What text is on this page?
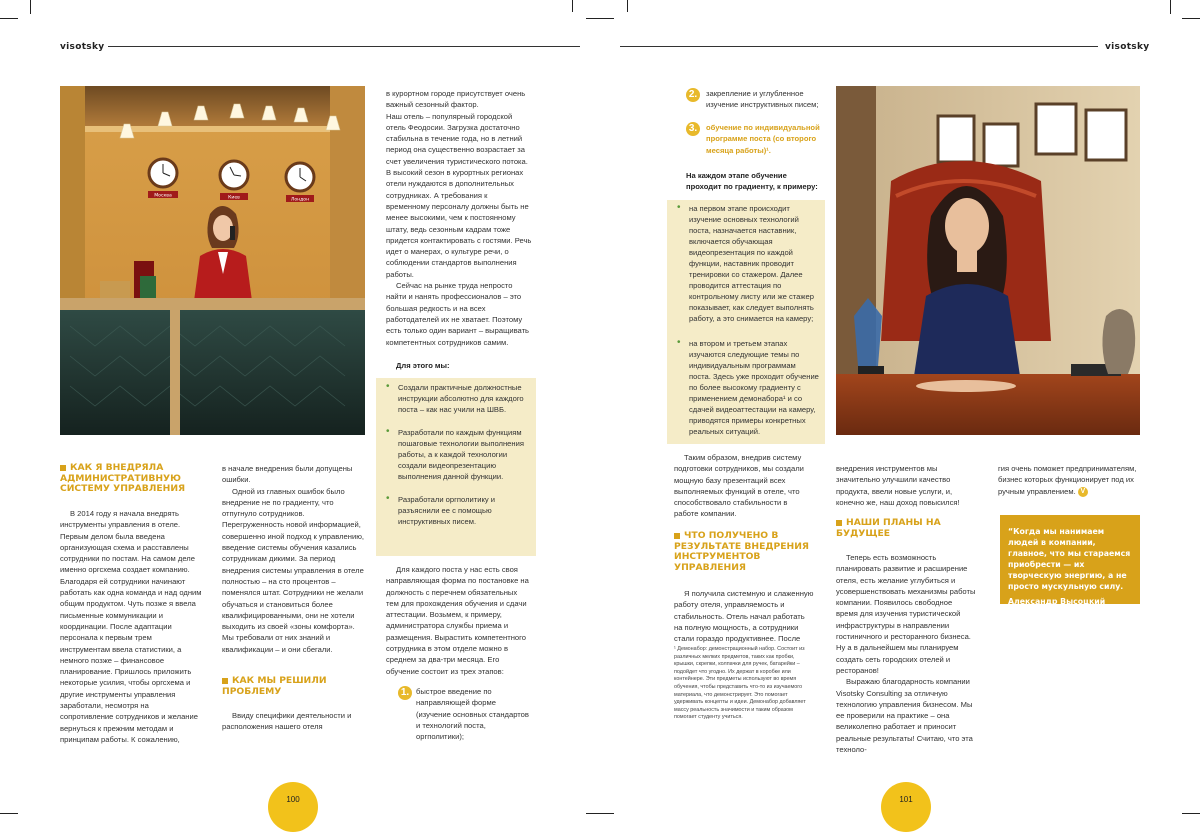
visotsky	visotsky
Москва	Киев	Лондон
КАК Я ВНЕДРЯЛА АДМИНИСТРАТИВНУЮ СИСТЕМУ УПРАВЛЕНИЯ

В 2014 году я начала внедрять инструменты управления в отеле. Первым делом была введена организующая схема и расставлены сотрудники по постам. На самом деле именно оргсхема создает компанию. Благодаря ей сотрудники начинают работать как одна команда и над одним общим продуктом. Чуть позже я ввела письменные коммуникации и координации. После адаптации персонала к первым трем инструментам ввела статистики, а немного позже – финансовое планирование. Пришлось приложить некоторые усилия, чтобы оргсхема и другие инструменты управления заработали, несмотря на сопротивление сотрудников и желание вернуться к прежним методам и принципам работы. К сожалению,

в начале внедрения были допущены ошибки.

Одной из главных ошибок было внедрение не по градиенту, что отпугнуло сотрудников. Перегруженность новой информацией, совершенно иной подход к управлению, введение системы обучения казались сотрудникам дикими. За период внедрения системы управления в отеле полностью – на сто процентов – поменялся штат. Сотрудники не желали обучаться и становиться более квалифицированными, они не хотели выходить из своей «зоны комфорта». Мы требовали от них знаний и квалификации – и они сбегали.

КАК МЫ РЕШИЛИ ПРОБЛЕМУ

Ввиду специфики деятельности и расположения нашего отеля

в курортном городе присутствует очень важный сезонный фактор.

Наш отель – популярный городской отель Феодосии. Загрузка достаточно стабильна в течение года, но в летний период она существенно возрастает за счет увеличения туристического потока. В высокий сезон в курортных регионах отели нуждаются в дополнительных сотрудниках. А требования к временному персоналу должны быть не менее высокими, чем к постоянному штату, ведь сезонным кадрам тоже придется контактировать с гостями. Речь идет о манерах, о культуре речи, о соблюдении стандартов выполнения работы.

Сейчас на рынке труда непросто найти и нанять профессионалов – это большая редкость и на всех работодателей их не хватает. Поэтому есть только один вариант – выращивать компетентных сотрудников самим.

Для этого мы:
• Создали практичные должностные инструкции абсолютно для каждого поста – как нас учили на ШВБ.
• Разработали по каждым функциям пошаговые технологии выполнения работы, а к каждой технологии создали видеопрезентацию выполнения данной функции.
• Разработали оргполитику и разъяснили ее с помощью инструктивных писем.

Для каждого поста у нас есть своя направляющая форма по постановке на должность с перечнем обязательных тем для прохождения обучения и сдачи аттестации. Возьмем, к примеру, администратора службы приема и размещения. Вырастить компетентного сотрудника в этом отделе можно в среднем за два-три месяца. Его обучение состоит из трех этапов:

1. быстрое введение по направляющей форме (изучение основных стандартов и технологий поста, оргполитики);
2.	закрепление и углубленное изучение инструктивных писем;
3.	обучение по индивидуальной программе поста (со второго месяца работы)¹.
На каждом этапе обучение проходит по градиенту, к примеру:
• на первом этапе происходит изучение основных технологий поста, назначается наставник, включается обучающая видеопрезентация по каждой функции, наставник проводит тренировки со стажером. Далее проводится аттестация по контрольному листу или же стажер показывает, как следует выполнять работу, а это снимается на камеру;
• на втором и третьем этапах изучаются следующие темы по индивидуальным программам поста. Здесь уже проходит обучение по более высокому градиенту с применением демонабора¹ и со сдачей видеоаттестации на камеру, приводятся примеры конкретных реальных ситуаций.

Таким образом, внедрив систему подготовки сотрудников, мы создали мощную базу презентаций всех выполняемых функций в отеле, что способствовало стабильности в работе компании.

ЧТО ПОЛУЧЕНО В РЕЗУЛЬТАТЕ ВНЕДРЕНИЯ ИНСТРУМЕНТОВ УПРАВЛЕНИЯ

Я получила системную и слаженную работу отеля, управляемость и стабильность. Отель начал работать на полную мощность, а сотрудники стали гораздо продуктивнее. После

¹ Демонабор: демонстрационный набор. Состоит из различных мелких предметов, таких как пробки, крышки, скрепки, колпачки для ручек, батарейки – подойдет что угодно. Их держат в коробке или контейнере. Эти предметы используют во время обучения, чтобы представить что-то из изучаемого материала, что демонстрирует. Это помогает удерживать концепты и идеи. Демонабор добавляет массу реальность значимости и таким образом помогает студенту учиться.

внедрения инструментов мы значительно улучшили качество продукта, ввели новые услуги, и, конечно же, наш доход повысился!

НАШИ ПЛАНЫ НА БУДУЩЕЕ

Теперь есть возможность планировать развитие и расширение отеля, есть желание углубиться и усовершенствовать механизмы работы компании. Появилось свободное время для изучения туристической инфраструктуры в направлении гостиничного и ресторанного бизнеса. Ну а в дальнейшем мы планируем создать сеть городских отелей и ресторанов!

Выражаю благодарность компании Visotsky Consulting за отличную технологию управления бизнесом. Мы ее проверили на практике – она великолепно работает и приносит реальные результаты! Считаю, что эта техноло-

гия очень поможет предпринимателям, бизнес которых функционирует под их ручным управлением. V

“Когда мы нанимаем людей в компании, главное, что мы стараемся приобрести — их творческую энергию, а не просто мускульную силу.
Александр Высоцкий
100	101
